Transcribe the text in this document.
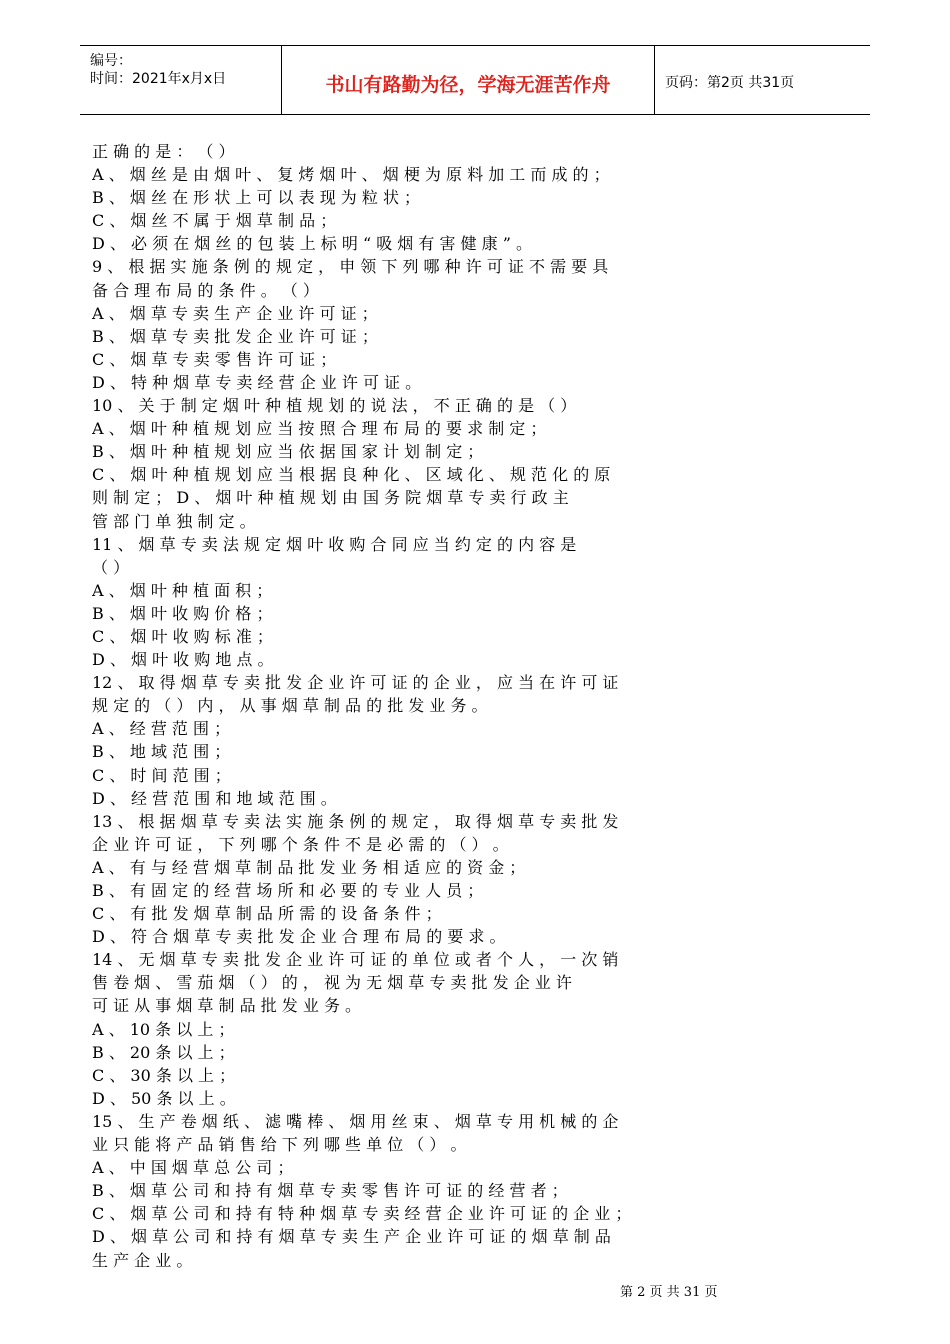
编号：
时间：2021年x月x日	书山有路勤为径，学海无涯苦作舟	页码：第2页 共31页
正 确 的 是 ： （ ）
A 、 烟 丝 是 由 烟 叶 、 复 烤 烟 叶 、 烟 梗 为 原 料 加 工 而 成 的 ；
B 、 烟 丝 在 形 状 上 可 以 表 现 为 粒 状 ；
C 、 烟 丝 不 属 于 烟 草 制 品 ；
D 、 必 须 在 烟 丝 的 包 装 上 标 明 “ 吸 烟 有 害 健 康 ” 。
9 、 根 据 实 施 条 例 的 规 定 ， 申 领 下 列 哪 种 许 可 证 不 需 要 具
备 合 理 布 局 的 条 件 。 （ ）
A 、 烟 草 专 卖 生 产 企 业 许 可 证 ；
B 、 烟 草 专 卖 批 发 企 业 许 可 证 ；
C 、 烟 草 专 卖 零 售 许 可 证 ；
D 、 特 种 烟 草 专 卖 经 营 企 业 许 可 证 。
10 、 关 于 制 定 烟 叶 种 植 规 划 的 说 法 ， 不 正 确 的 是 （ ）
A 、 烟 叶 种 植 规 划 应 当 按 照 合 理 布 局 的 要 求 制 定 ；
B 、 烟 叶 种 植 规 划 应 当 依 据 国 家 计 划 制 定 ；
C 、 烟 叶 种 植 规 划 应 当 根 据 良 种 化 、 区 域 化 、 规 范 化 的 原
则 制 定 ； D 、 烟 叶 种 植 规 划 由 国 务 院 烟 草 专 卖 行 政 主
管 部 门 单 独 制 定 。
11 、 烟 草 专 卖 法 规 定 烟 叶 收 购 合 同 应 当 约 定 的 内 容 是
（ ）
A 、 烟 叶 种 植 面 积 ；
B 、 烟 叶 收 购 价 格 ；
C 、 烟 叶 收 购 标 准 ；
D 、 烟 叶 收 购 地 点 。
12 、 取 得 烟 草 专 卖 批 发 企 业 许 可 证 的 企 业 ， 应 当 在 许 可 证
规 定 的 （ ） 内 ， 从 事 烟 草 制 品 的 批 发 业 务 。
A 、 经 营 范 围 ；
B 、 地 域 范 围 ；
C 、 时 间 范 围 ；
D 、 经 营 范 围 和 地 域 范 围 。
13 、 根 据 烟 草 专 卖 法 实 施 条 例 的 规 定 ， 取 得 烟 草 专 卖 批 发
企 业 许 可 证 ， 下 列 哪 个 条 件 不 是 必 需 的 （ ） 。
A 、 有 与 经 营 烟 草 制 品 批 发 业 务 相 适 应 的 资 金 ；
B 、 有 固 定 的 经 营 场 所 和 必 要 的 专 业 人 员 ；
C 、 有 批 发 烟 草 制 品 所 需 的 设 备 条 件 ；
D 、 符 合 烟 草 专 卖 批 发 企 业 合 理 布 局 的 要 求 。
14 、 无 烟 草 专 卖 批 发 企 业 许 可 证 的 单 位 或 者 个 人 ， 一 次 销
售 卷 烟 、 雪 茄 烟 （ ） 的 ， 视 为 无 烟 草 专 卖 批 发 企 业 许
可 证 从 事 烟 草 制 品 批 发 业 务 。
A 、 10 条 以 上 ；
B 、 20 条 以 上 ；
C 、 30 条 以 上 ；
D 、 50 条 以 上 。
15 、 生 产 卷 烟 纸 、 滤 嘴 棒 、 烟 用 丝 束 、 烟 草 专 用 机 械 的 企
业 只 能 将 产 品 销 售 给 下 列 哪 些 单 位 （ ） 。
A 、 中 国 烟 草 总 公 司 ；
B 、 烟 草 公 司 和 持 有 烟 草 专 卖 零 售 许 可 证 的 经 营 者 ；
C 、 烟 草 公 司 和 持 有 特 种 烟 草 专 卖 经 营 企 业 许 可 证 的 企 业 ；
D 、 烟 草 公 司 和 持 有 烟 草 专 卖 生 产 企 业 许 可 证 的 烟 草 制 品
生 产 企 业 。
第 2 页 共 31 页
